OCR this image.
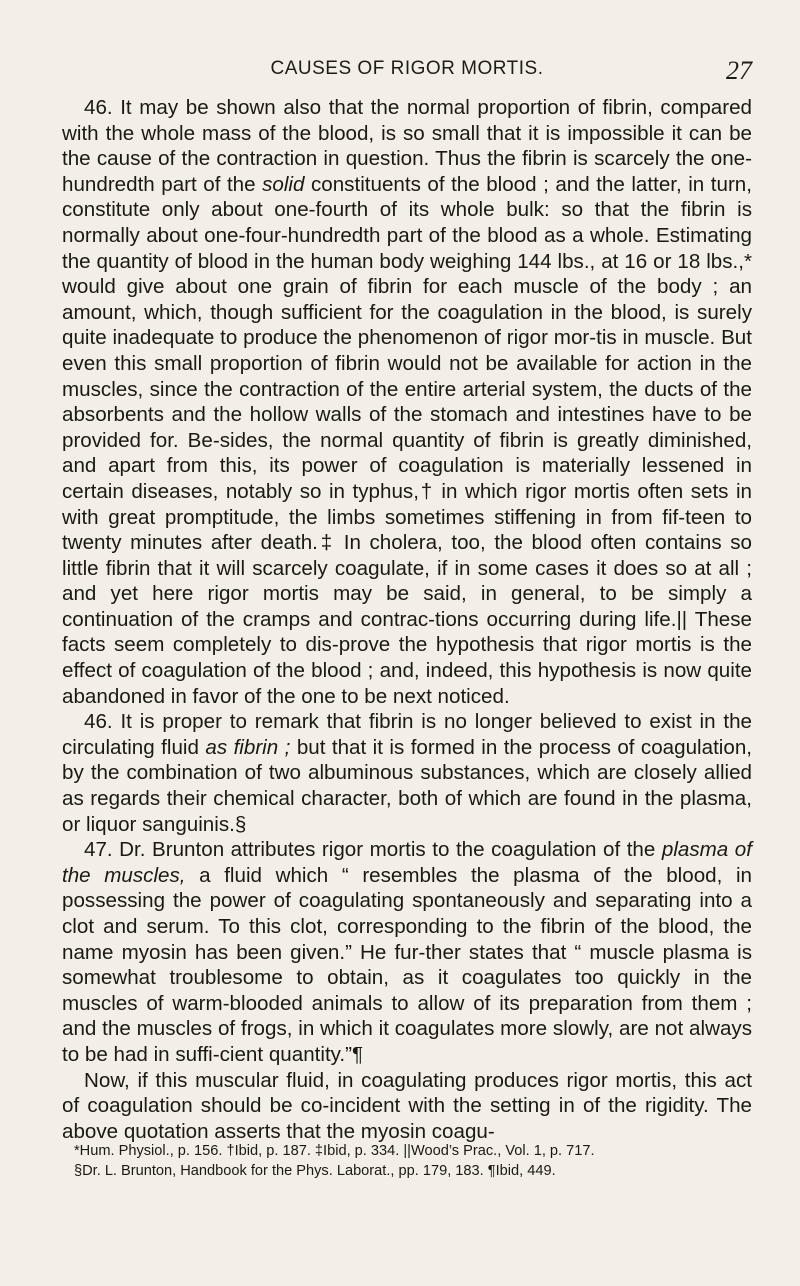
CAUSES OF RIGOR MORTIS.	27

46. It may be shown also that the normal proportion of fibrin, compared with the whole mass of the blood, is so small that it is impossible it can be the cause of the contraction in question. Thus the fibrin is scarcely the one-hundredth part of the solid constituents of the blood ; and the latter, in turn, constitute only about one-fourth of its whole bulk: so that the fibrin is normally about one-four-hundredth part of the blood as a whole. Estimating the quantity of blood in the human body weighing 144 lbs., at 16 or 18 lbs.,* would give about one grain of fibrin for each muscle of the body ; an amount, which, though sufficient for the coagulation in the blood, is surely quite inadequate to produce the phenomenon of rigor mor-tis in muscle. But even this small proportion of fibrin would not be available for action in the muscles, since the contraction of the entire arterial system, the ducts of the absorbents and the hollow walls of the stomach and intestines have to be provided for. Be-sides, the normal quantity of fibrin is greatly diminished, and apart from this, its power of coagulation is materially lessened in certain diseases, notably so in typhus,† in which rigor mortis often sets in with great promptitude, the limbs sometimes stiffening in from fif-teen to twenty minutes after death.‡ In cholera, too, the blood often contains so little fibrin that it will scarcely coagulate, if in some cases it does so at all ; and yet here rigor mortis may be said, in general, to be simply a continuation of the cramps and contrac-tions occurring during life.|| These facts seem completely to dis-prove the hypothesis that rigor mortis is the effect of coagulation of the blood ; and, indeed, this hypothesis is now quite abandoned in favor of the one to be next noticed.

46. It is proper to remark that fibrin is no longer believed to exist in the circulating fluid as fibrin ; but that it is formed in the process of coagulation, by the combination of two albuminous substances, which are closely allied as regards their chemical character, both of which are found in the plasma, or liquor sanguinis.§

47. Dr. Brunton attributes rigor mortis to the coagulation of the plasma of the muscles, a fluid which “ resembles the plasma of the blood, in possessing the power of coagulating spontaneously and separating into a clot and serum. To this clot, corresponding to the fibrin of the blood, the name myosin has been given.” He fur-ther states that “ muscle plasma is somewhat troublesome to obtain, as it coagulates too quickly in the muscles of warm-blooded animals to allow of its preparation from them ; and the muscles of frogs, in which it coagulates more slowly, are not always to be had in suffi-cient quantity.”¶

Now, if this muscular fluid, in coagulating produces rigor mortis, this act of coagulation should be co-incident with the setting in of the rigidity. The above quotation asserts that the myosin coagu-

*Hum. Physiol., p. 156. †Ibid, p. 187. ‡Ibid, p. 334. ||Wood’s Prac., Vol. 1, p. 717.

§Dr. L. Brunton, Handbook for the Phys. Laborat., pp. 179, 183. ¶Ibid, 449.
